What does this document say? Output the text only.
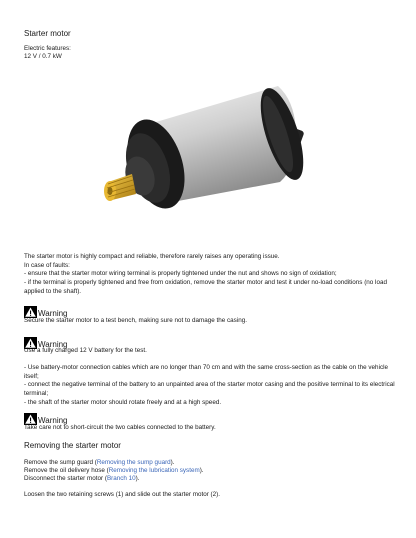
Starter motor
Electric features:
12 V / 0.7 kW
The starter motor is highly compact and reliable, therefore rarely raises any operating issue.
In case of faults:
- ensure that the starter motor wiring terminal is properly tightened under the nut and shows no sign of oxidation;
- if the terminal is properly tightened and free from oxidation, remove the starter motor and test it under no-load conditions (no load applied to the shaft).
Warning
Secure the starter motor to a test bench, making sure not to damage the casing.
Warning
Use a fully charged 12 V battery for the test.
- Use battery-motor connection cables which are no longer than 70 cm and with the same cross-section as the cable on the vehicle itself;
- connect the negative terminal of the battery to an unpainted area of the starter motor casing and the positive terminal to its electrical terminal;
- the shaft of the starter motor should rotate freely and at a high speed.
Warning
Take care not to short-circuit the two cables connected to the battery.
Removing the starter motor
Remove the sump guard (Removing the sump guard).
Remove the oil delivery hose (Removing the lubrication system).
Disconnect the starter motor (Branch 10).
Loosen the two retaining screws (1) and slide out the starter motor (2).
